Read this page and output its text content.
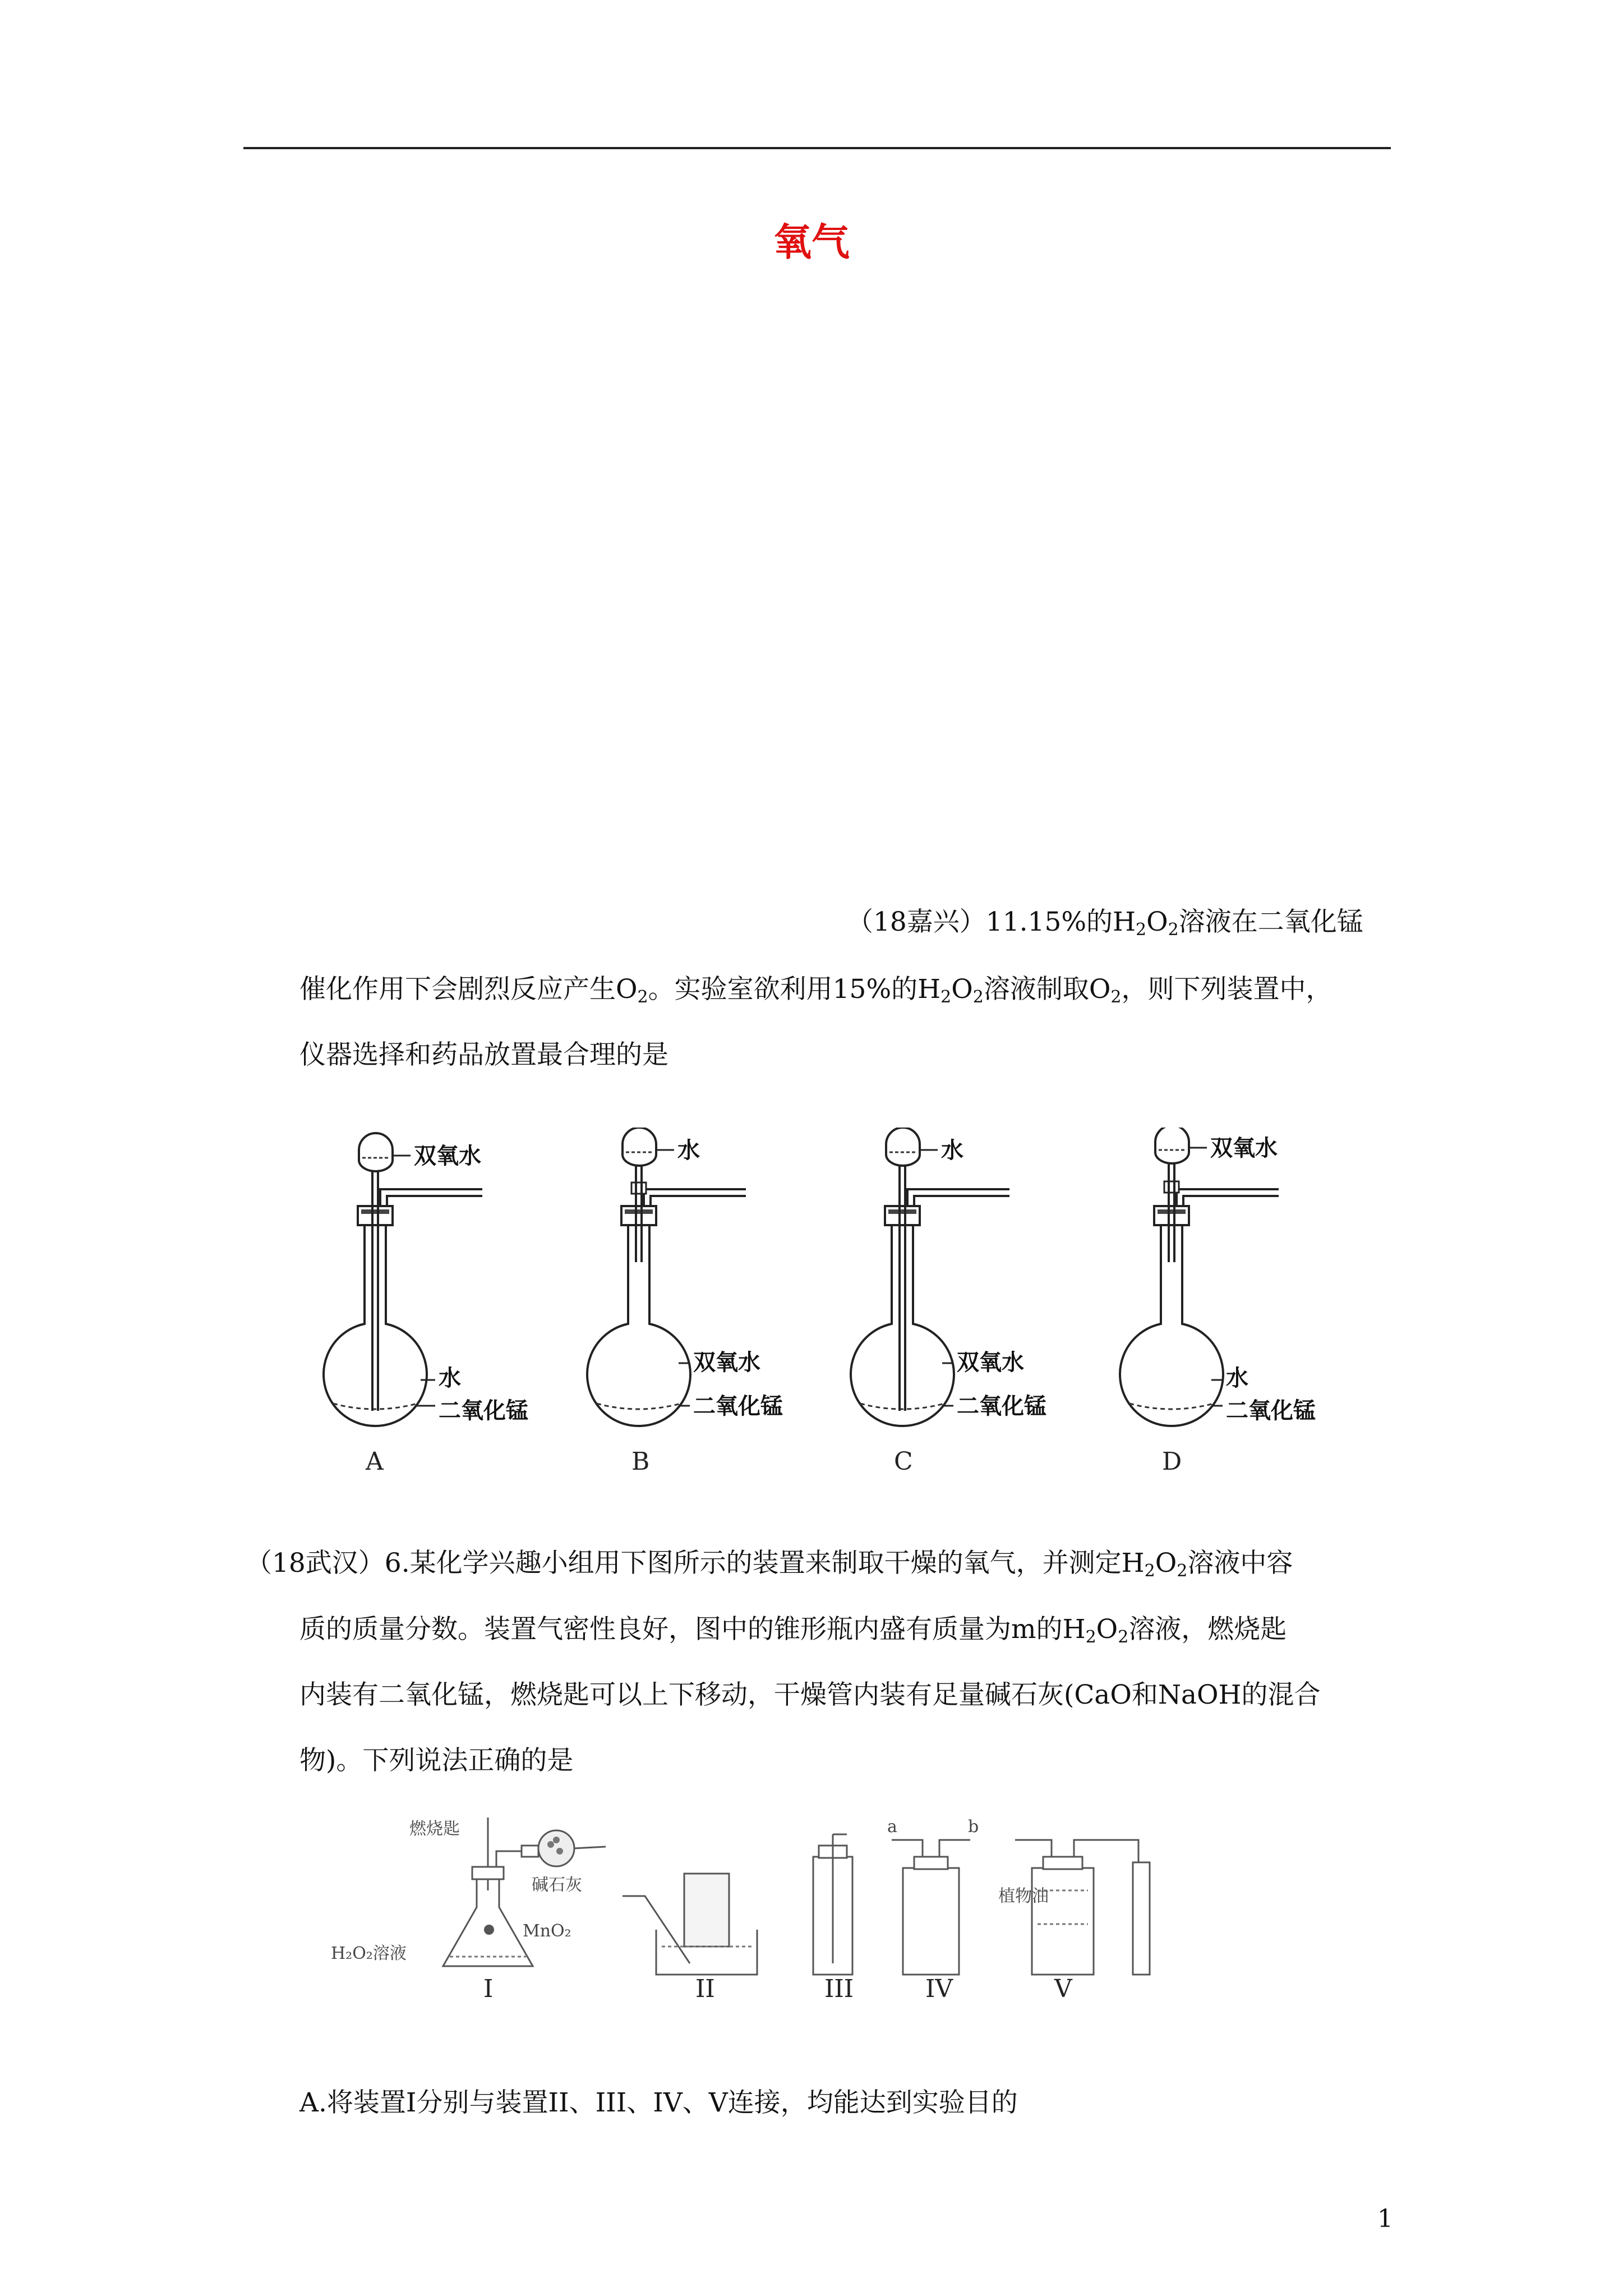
氧气
（18嘉兴）11.15%的$H_2O_2$溶液在二氧化锰
催化作用下会剧烈反应产生$O_2$。实验室欲利用15%的$H_2O_2$溶液制取$O_2$，则下列装置中，
仪器选择和药品放置最合理的是
双氧水
水
二氧化锰
A
水
双氧水
二氧化锰
B
水
双氧水
二氧化锰
C
双氧水
水
二氧化锰
D
（18武汉）6.某化学兴趣小组用下图所示的装置来制取干燥的氧气，并测定$H_2O_2$溶液中容
质的质量分数。装置气密性良好，图中的锥形瓶内盛有质量为m的$H_2O_2$溶液，燃烧匙
内装有二氧化锰，燃烧匙可以上下移动，干燥管内装有足量碱石灰(CaO和NaOH的混合
物)。下列说法正确的是
燃烧匙
碱石灰
MnO₂
H₂O₂溶液
I	II	III
a	b
IV
植物油
V
A.将装置I分别与装置II、III、IV、V连接，均能达到实验目的
1
